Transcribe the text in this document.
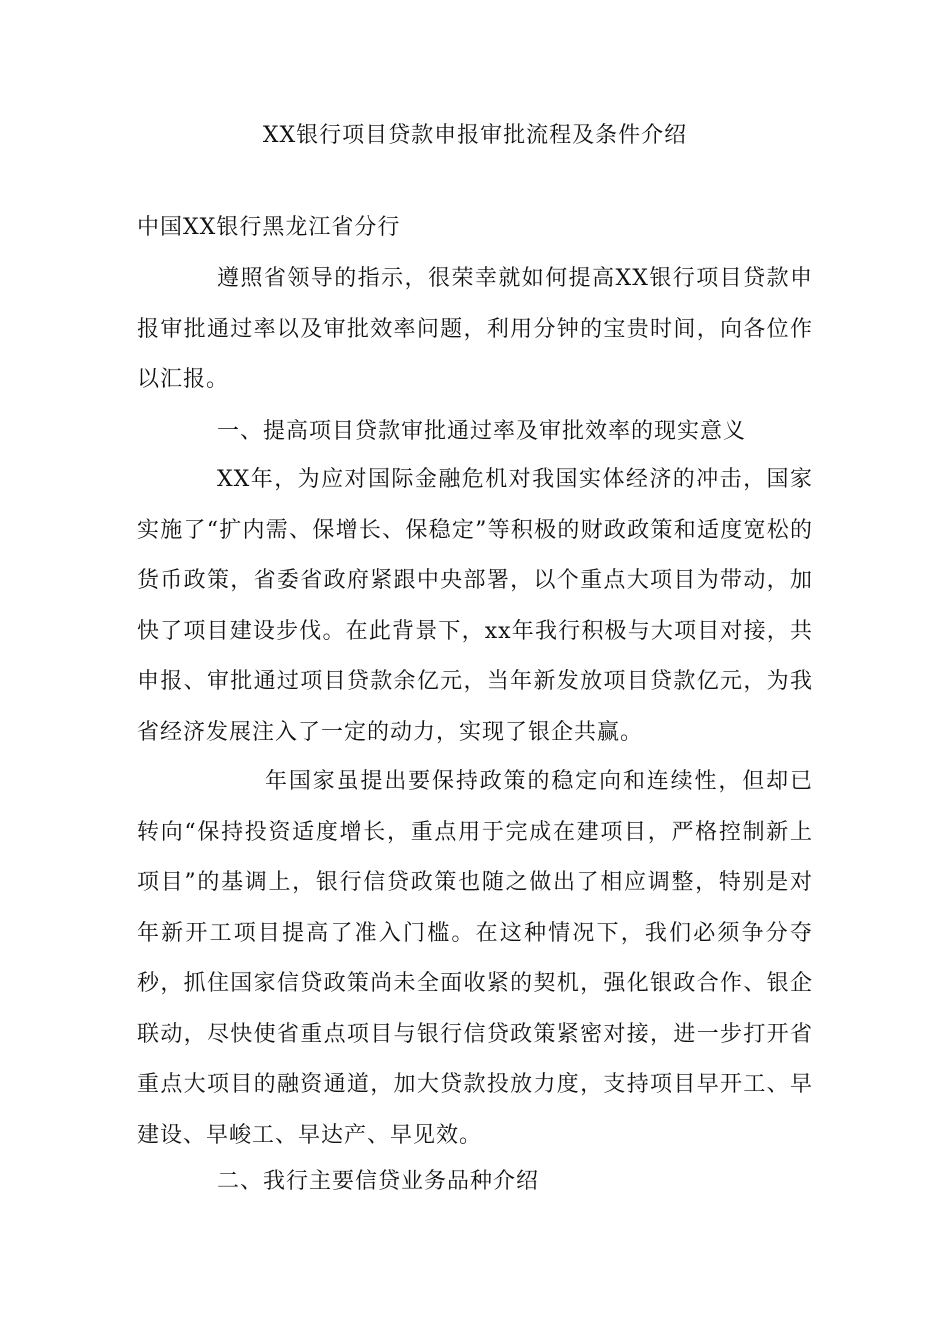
XX银行项目贷款申报审批流程及条件介绍
中国XX银行黑龙江省分行

遵照省领导的指示，很荣幸就如何提高XX银行项目贷款申报审批通过率以及审批效率问题，利用分钟的宝贵时间，向各位作以汇报。

一、提高项目贷款审批通过率及审批效率的现实意义

XX年，为应对国际金融危机对我国实体经济的冲击，国家实施了“扩内需、保增长、保稳定”等积极的财政政策和适度宽松的货币政策，省委省政府紧跟中央部署，以个重点大项目为带动，加快了项目建设步伐。在此背景下，xx年我行积极与大项目对接，共申报、审批通过项目贷款余亿元，当年新发放项目贷款亿元，为我省经济发展注入了一定的动力，实现了银企共赢。

年国家虽提出要保持政策的稳定向和连续性，但却已转向“保持投资适度增长，重点用于完成在建项目，严格控制新上项目”的基调上，银行信贷政策也随之做出了相应调整，特别是对年新开工项目提高了准入门槛。在这种情况下，我们必须争分夺秒，抓住国家信贷政策尚未全面收紧的契机，强化银政合作、银企联动，尽快使省重点项目与银行信贷政策紧密对接，进一步打开省重点大项目的融资通道，加大贷款投放力度，支持项目早开工、早建设、早峻工、早达产、早见效。

二、我行主要信贷业务品种介绍
